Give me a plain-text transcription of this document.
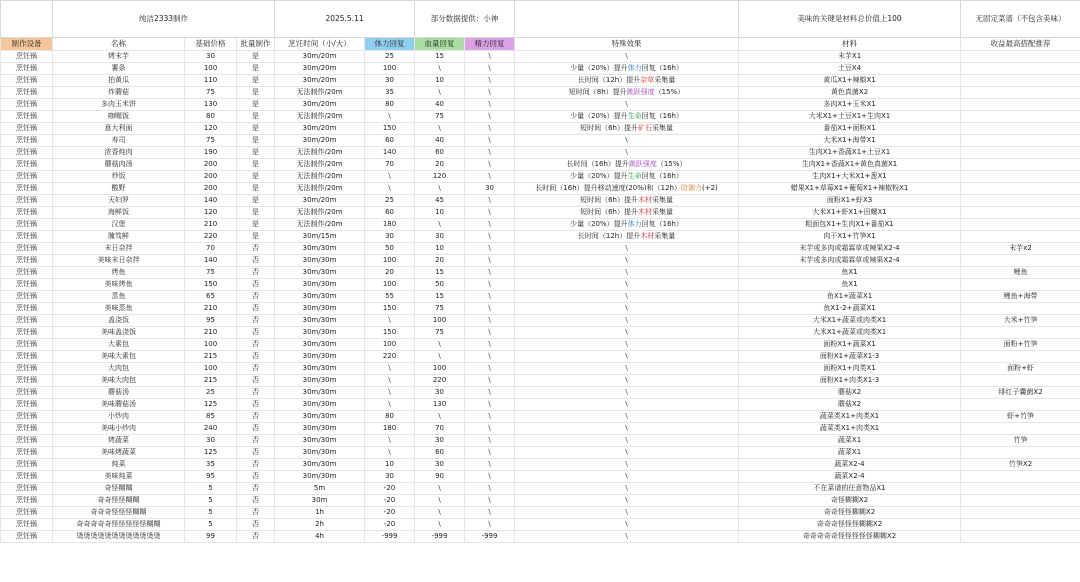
	纯洁2333制作			2025.5.11		部分数据提供：小神			美味的关键是材料总价值上100	无固定菜谱（不包含美味）
制作设备	名称	基础价格	批量制作	烹饪时间（小/大）	体力回复	血量回复	精力回复	特殊效果	材料	收益最高搭配推荐
烹饪锅	烤末芋	30	是	30m/20m	25	15	\	\	末芋X1	
烹饪锅	薯条	100	是	30m/20m	100	\	\	少量（20%）提升体力回复（16h）	土豆X4	
烹饪锅	拍黄瓜	110	是	30m/20m	30	10	\	长时间（12h）提升杂草采集量	黄瓜X1+辣椒X1	
烹饪锅	炸蘑菇	75	是	无法制作/20m	35	\	\	短时间（8h）提升跳跃强度（15%）	黄色真菌X2	
烹饪锅	多肉玉米饼	130	是	30m/20m	80	40	\	\	多肉X1+玉米X1	
烹饪锅	咖喱饭	80	是	无法制作/20m	\	75	\	少量（20%）提升生命回复（16h）	大米X1+土豆X1+生肉X1	
烹饪锅	意大利面	120	是	30m/20m	150	\	\	短时间（6h）提升矿石采集量	番茄X1+面粉X1	
烹饪锅	寿司	75	是	30m/20m	60	40	\	\	大米X1+海带X1	
烹饪锅	浓香炖肉	190	是	无法制作/20m	140	60	\	\	生肉X1+香蔬X1+土豆X1	
烹饪锅	蘑菇肉汤	200	是	无法制作/20m	70	20	\	长时间（16h）提升跳跃强度（15%）	生肉X1+香蔬X1+黄色真菌X1	
烹饪锅	炒饭	200	是	无法制作/20m	\	120	\	少量（20%）提升生命回复（16h）	生肉X1+大米X1+葱X1	
烹饪锅	酸野	200	是	无法制作/20m	\	\	30	长时间（16h）提升移动速度(20%)和（12h）防御力(+2)	蜡果X1+草莓X1+葡萄X1+辣椒粉X1	
烹饪锅	天妇罗	140	是	30m/20m	25	45	\	短时间（6h）提升木材采集量	面粉X1+虾X3	
烹饪锅	海鲜饭	120	是	无法制作/20m	60	10	\	短时间（6h）提升木材采集量	大米X1+虾X1+田螺X1	
烹饪锅	汉堡	210	是	无法制作/20m	180	\	\	少量（20%）提升体力回复（16h）	粗面包X1+生肉X1+番茄X1	
烹饪锅	腌笃鲜	220	是	30m/15m	30	30	\	长时间（12h）提升木材采集量	肉干X1+竹笋X1	
烹饪锅	末日杂拌	70	否	30m/30m	50	10	\	\	末芋或多肉或霜霖草或辣果X2-4	末芋x2
烹饪锅	美味末日杂拌	140	否	30m/30m	100	20	\	\	末芋或多肉或霜霖草或辣果X2-4	
烹饪锅	烤鱼	75	否	30m/30m	20	15	\	\	鱼X1	鲤鱼
烹饪锅	美味烤鱼	150	否	30m/30m	100	50	\	\	鱼X1	
烹饪锅	蒸鱼	65	否	30m/30m	55	15	\	\	鱼X1+蔬菜X1	鲤鱼+海带
烹饪锅	美味蒸鱼	210	否	30m/30m	150	75	\	\	鱼X1-2+蔬菜X1	
烹饪锅	盖浇饭	95	否	30m/30m	\	100	\	\	大米X1+蔬菜或肉类X1	大米+竹笋
烹饪锅	美味盖浇饭	210	否	30m/30m	150	75	\	\	大米X1+蔬菜或肉类X1	
烹饪锅	大素包	100	否	30m/30m	100	\	\	\	面粉X1+蔬菜X1	面粉+竹笋
烹饪锅	美味大素包	215	否	30m/30m	220	\	\	\	面粉X1+蔬菜X1-3	
烹饪锅	大肉包	100	否	30m/30m	\	100	\	\	面粉X1+肉类X1	面粉+虾
烹饪锅	美味大肉包	215	否	30m/30m	\	220	\	\	面粉X1+肉类X1-3	
烹饪锅	蘑菇汤	25	否	30m/30m	\	30	\	\	蘑菇X2	绯红子囊菌X2
烹饪锅	美味蘑菇汤	125	否	30m/30m	\	130	\	\	蘑菇X2	
烹饪锅	小炒肉	85	否	30m/30m	80	\	\	\	蔬菜类X1+肉类X1	虾+竹笋
烹饪锅	美味小炒肉	240	否	30m/30m	180	70	\	\	蔬菜类X1+肉类X1	
烹饪锅	烤蔬菜	30	否	30m/30m	\	30	\	\	蔬菜X1	竹笋
烹饪锅	美味烤蔬菜	125	否	30m/30m	\	60	\	\	蔬菜X1	
烹饪锅	炖菜	35	否	30m/30m	10	30	\	\	蔬菜X2-4	竹笋X2
烹饪锅	美味炖菜	95	否	30m/30m	30	90	\	\	蔬菜X2-4	
烹饪锅	奇怪糊糊	5	否	5m	-20	\	\	\	不在菜谱的任意物品X1	
烹饪锅	奇奇怪怪糊糊	5	否	30m	-20	\	\	\	奇怪糊糊X2	
烹饪锅	奇奇奇怪怪怪糊糊	5	否	1h	-20	\	\	\	奇奇怪怪糊糊X2	
烹饪锅	奇奇奇奇奇怪怪怪怪怪糊糊	5	否	2h	-20	\	\	\	奇奇奇怪怪怪糊糊X2	
烹饪锅	烫烫烫烫烫烫烫烫烫烫烫烫	99	否	4h	-999	-999	-999	\	奇奇奇奇奇怪怪怪怪怪糊糊X2	
